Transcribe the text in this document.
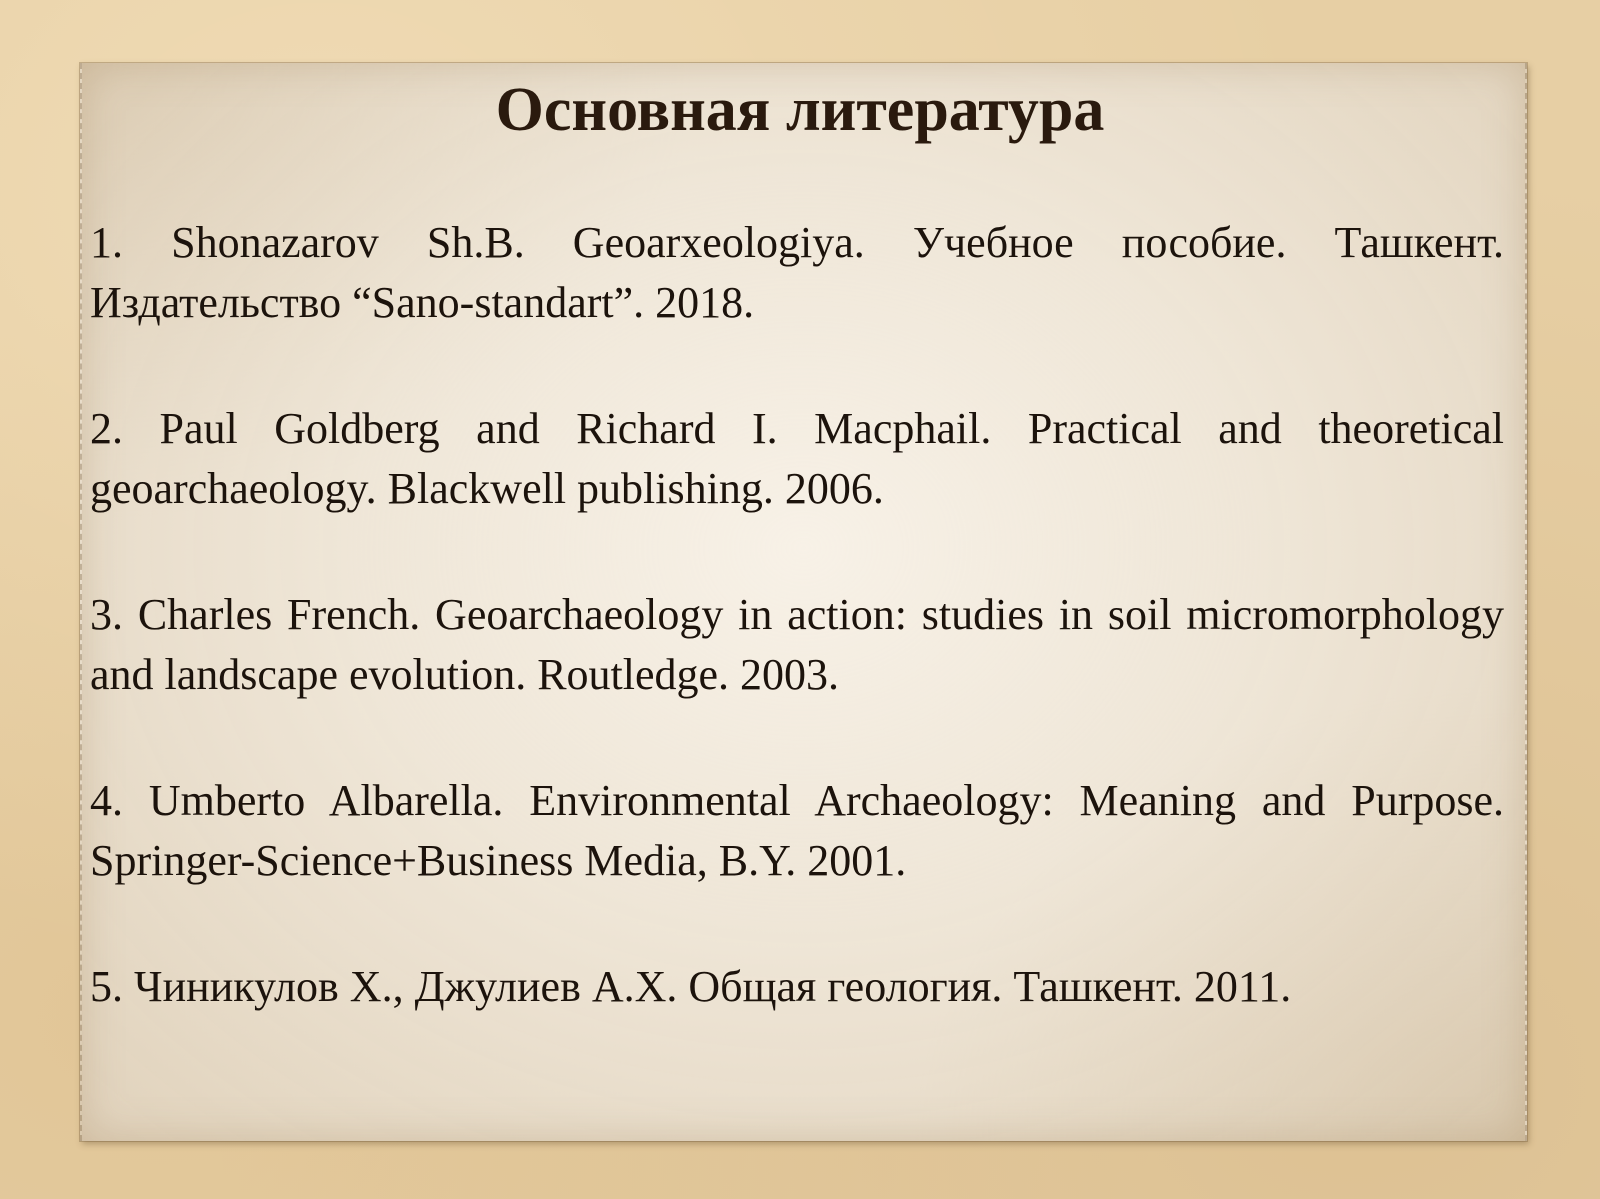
Основная литература
1. Shonazarov Sh.B. Geoarxeologiya. Учебное пособие. Ташкент. Издательство “Sano-standart”. 2018.
2. Paul Goldberg and Richard I. Macphail. Practical and theoretical geoarchaeology. Blackwell publishing. 2006.
3. Charles French. Geoarchaeology in action: studies in soil micromorphology and landscape evolution. Routledge. 2003.
4. Umberto Albarella. Environmental Archaeology: Meaning and Purpose. Springer-Science+Business Media, B.Y. 2001.
5. Чиникулов Х., Джулиев А.Х. Общая геология. Ташкент. 2011.
